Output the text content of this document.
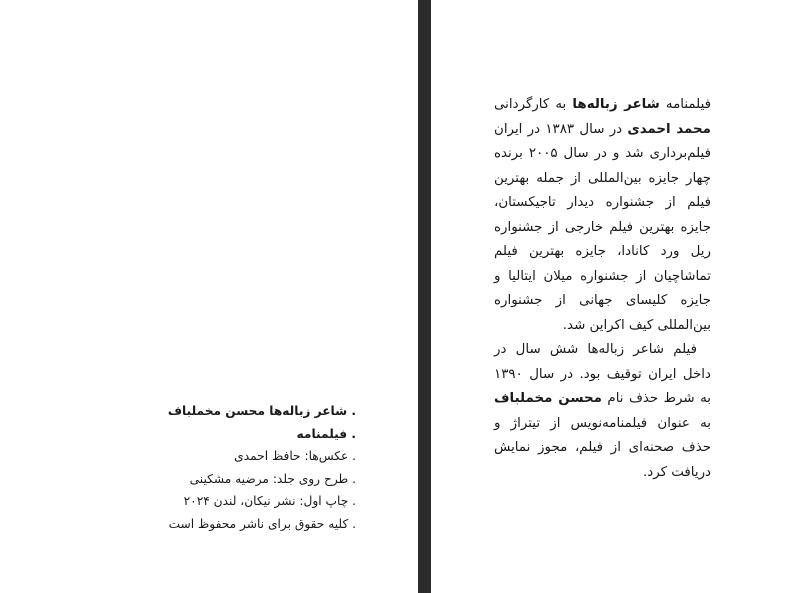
. شاعر زباله‌ها محسن مخملباف
. فیلمنامه
. عکس‌ها: حافظ احمدی
. طرح روی جلد: مرضیه مشکینی
. چاپ اول: نشر نیکان، لندن ۲۰۲۴
. کلیه حقوق برای ناشر محفوظ است

فیلمنامه شاعر زباله‌ها به کارگردانی محمد احمدی در سال ۱۳۸۳ در ایران فیلم‌برداری شد و در سال ۲۰۰۵ برنده چهار جایزه بین‌المللی از جمله بهترین فیلم از جشنواره دیدار تاجیکستان، جایزه بهترین فیلم خارجی از جشنواره ریل ورد کانادا، جایزه بهترین فیلم تماشاچیان از جشنواره میلان ایتالیا و جایزه کلیسای جهانی از جشنواره بین‌المللی کیف اکراین شد.

فیلم شاعر زباله‌ها شش سال در داخل ایران توقیف بود. در سال ۱۳۹۰ به شرط حذف نام محسن مخملباف به عنوان فیلمنامه‌نویس از تیتراژ و حذف صحنه‌ای از فیلم، مجوز نمایش دریافت کرد.
